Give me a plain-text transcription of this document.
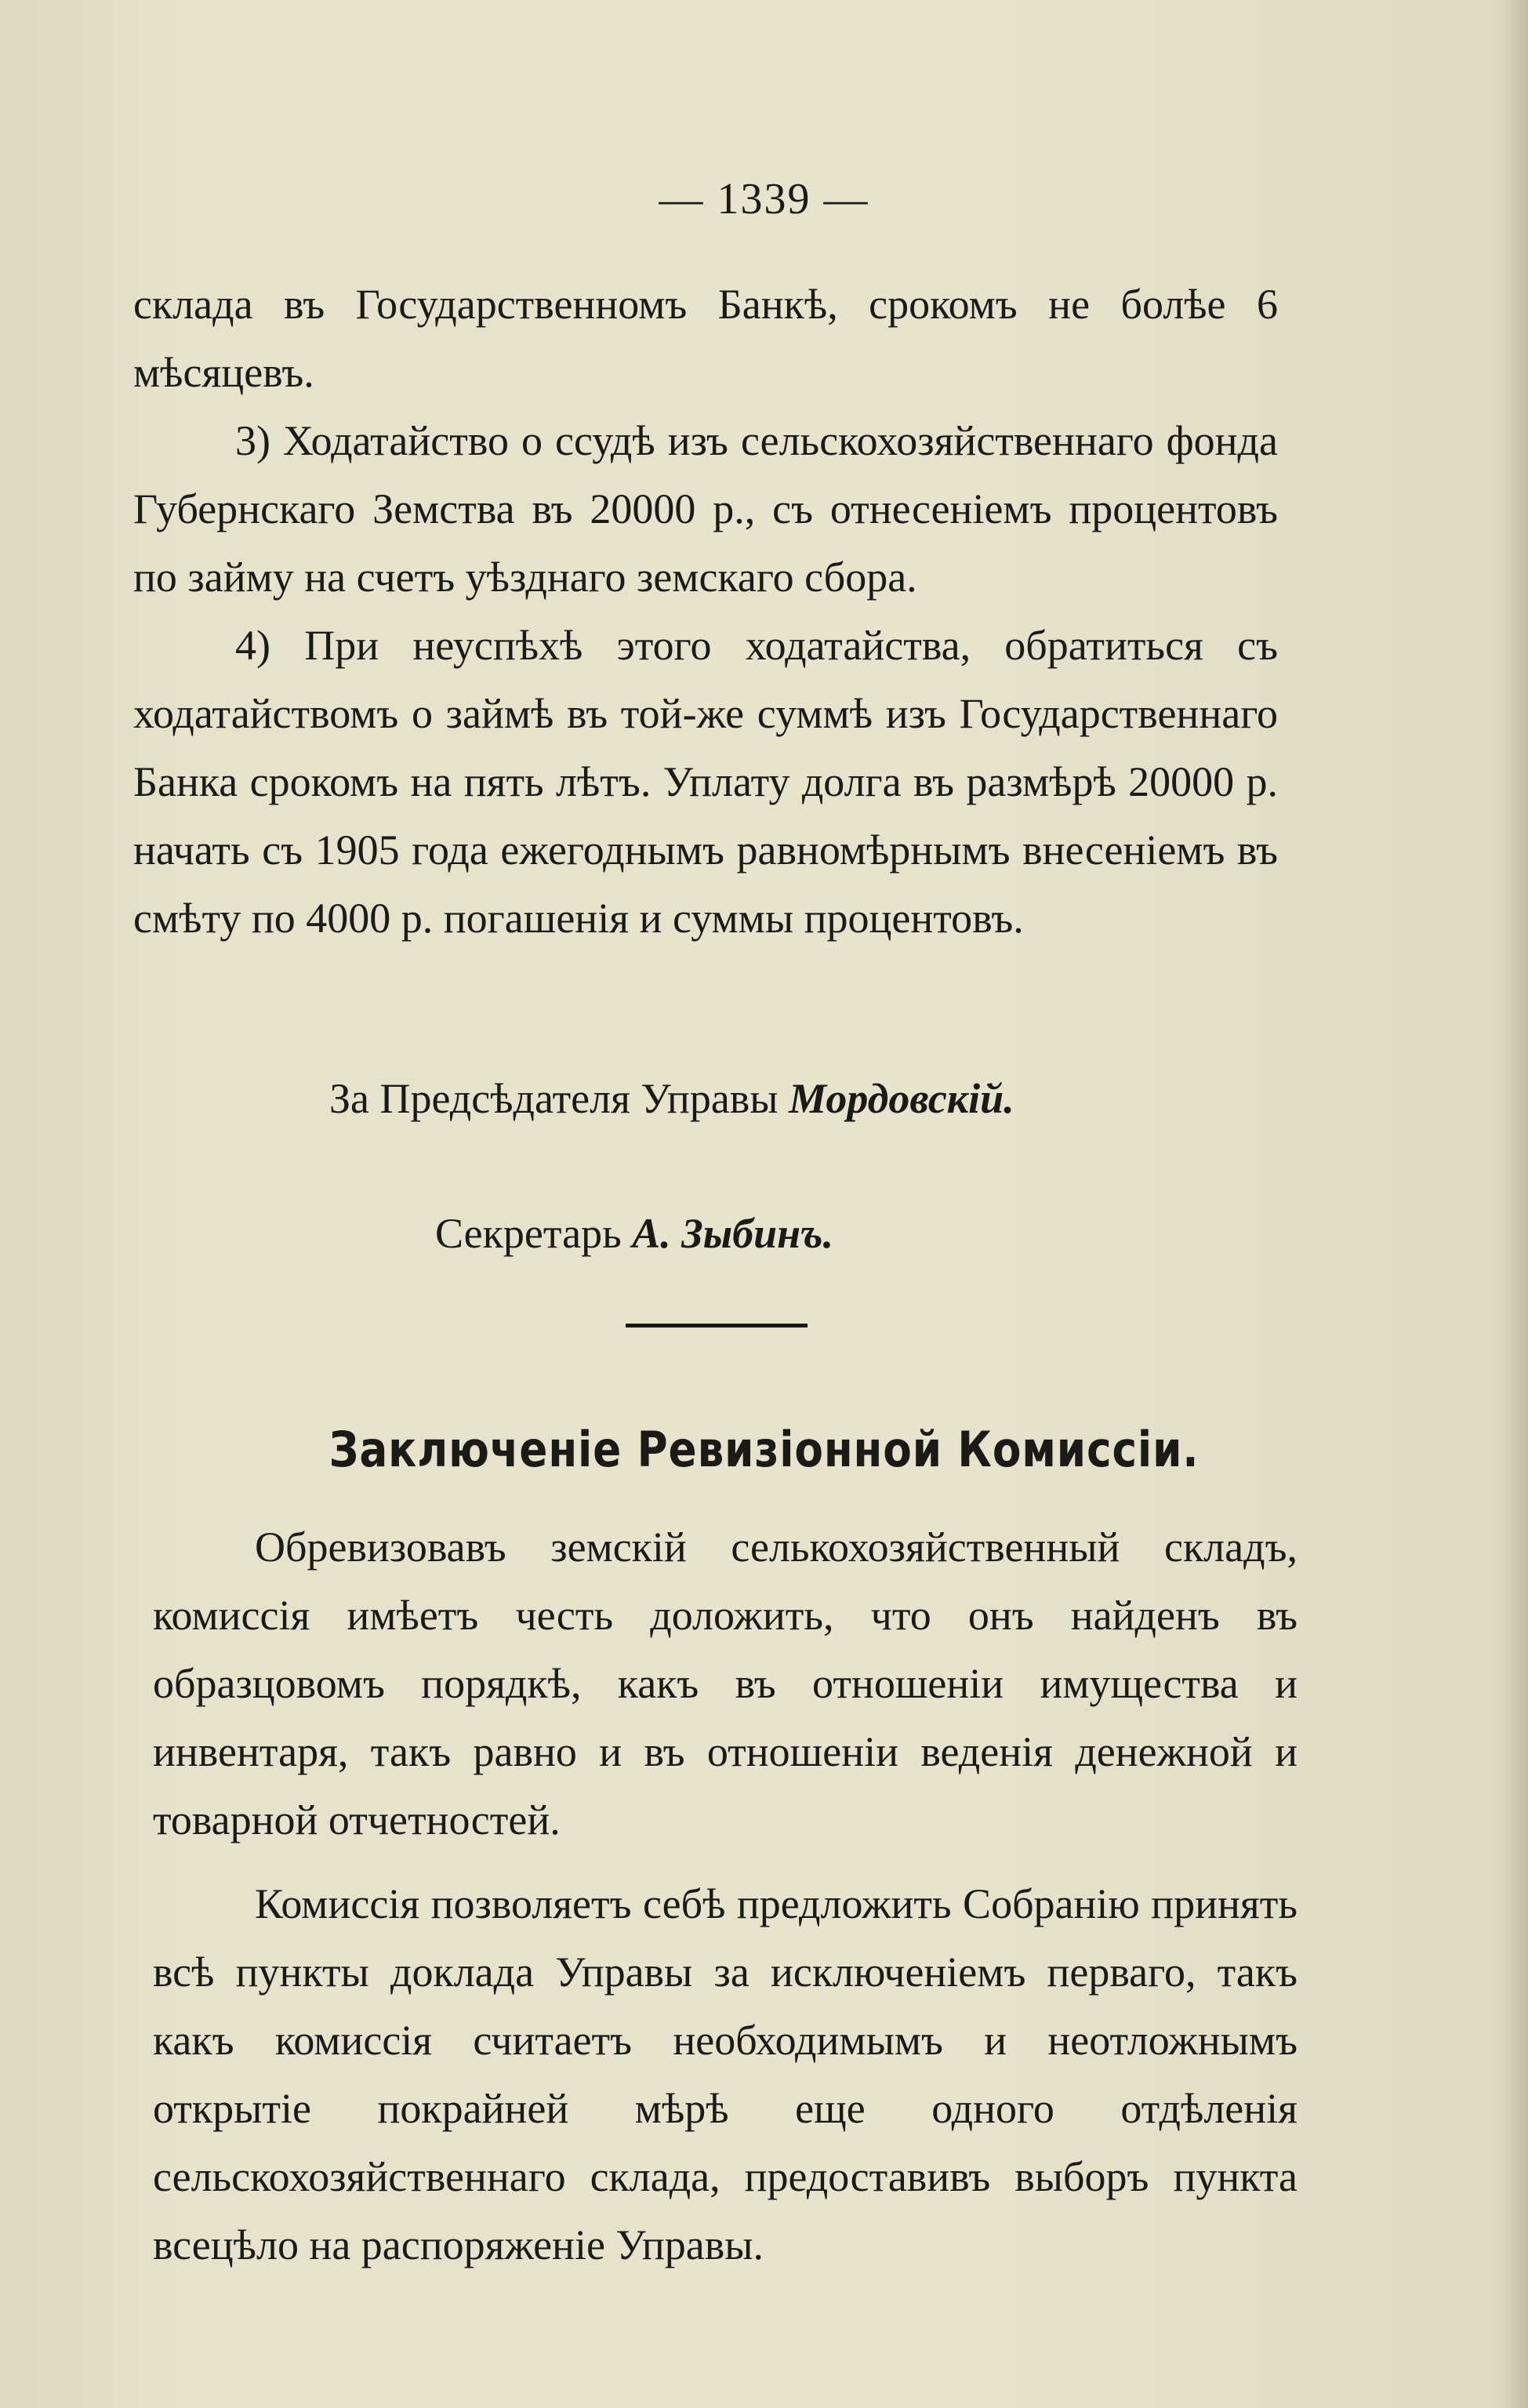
— 1339 —

склада въ Государственномъ Банкѣ, срокомъ не болѣе 6 мѣсяцевъ.

3) Ходатайство о ссудѣ изъ сельскохозяйственнаго фонда Губернскаго Земства въ 20000 р., съ отнесеніемъ процентовъ по займу на счетъ уѣзднаго земскаго сбора.

4) При неуспѣхѣ этого ходатайства, обратиться съ ходатайствомъ о займѣ въ той-же суммѣ изъ Государственнаго Банка срокомъ на пять лѣтъ. Уплату долга въ размѣрѣ 20000 р. начать съ 1905 года ежегоднымъ равномѣрнымъ внесеніемъ въ смѣту по 4000 р. погашенія и суммы процентовъ.

За Предсѣдателя Управы Мордовскій.
Секретарь А. Зыбинъ.
Заключеніе Ревизіонной Комиссіи.

Обревизовавъ земскій селькохозяйственный складъ, комиссія имѣетъ честь доложить, что онъ найденъ въ образцовомъ порядкѣ, какъ въ отношеніи имущества и инвентаря, такъ равно и въ отношеніи веденія денежной и товарной отчетностей.

Комиссія позволяетъ себѣ предложить Собранію принять всѣ пункты доклада Управы за исключеніемъ перваго, такъ какъ комиссія считаетъ необходимымъ и неотложнымъ открытіе покрайней мѣрѣ еще одного отдѣленія сельскохозяйственнаго склада, предоставивъ выборъ пункта всецѣло на распоряженіе Управы.
